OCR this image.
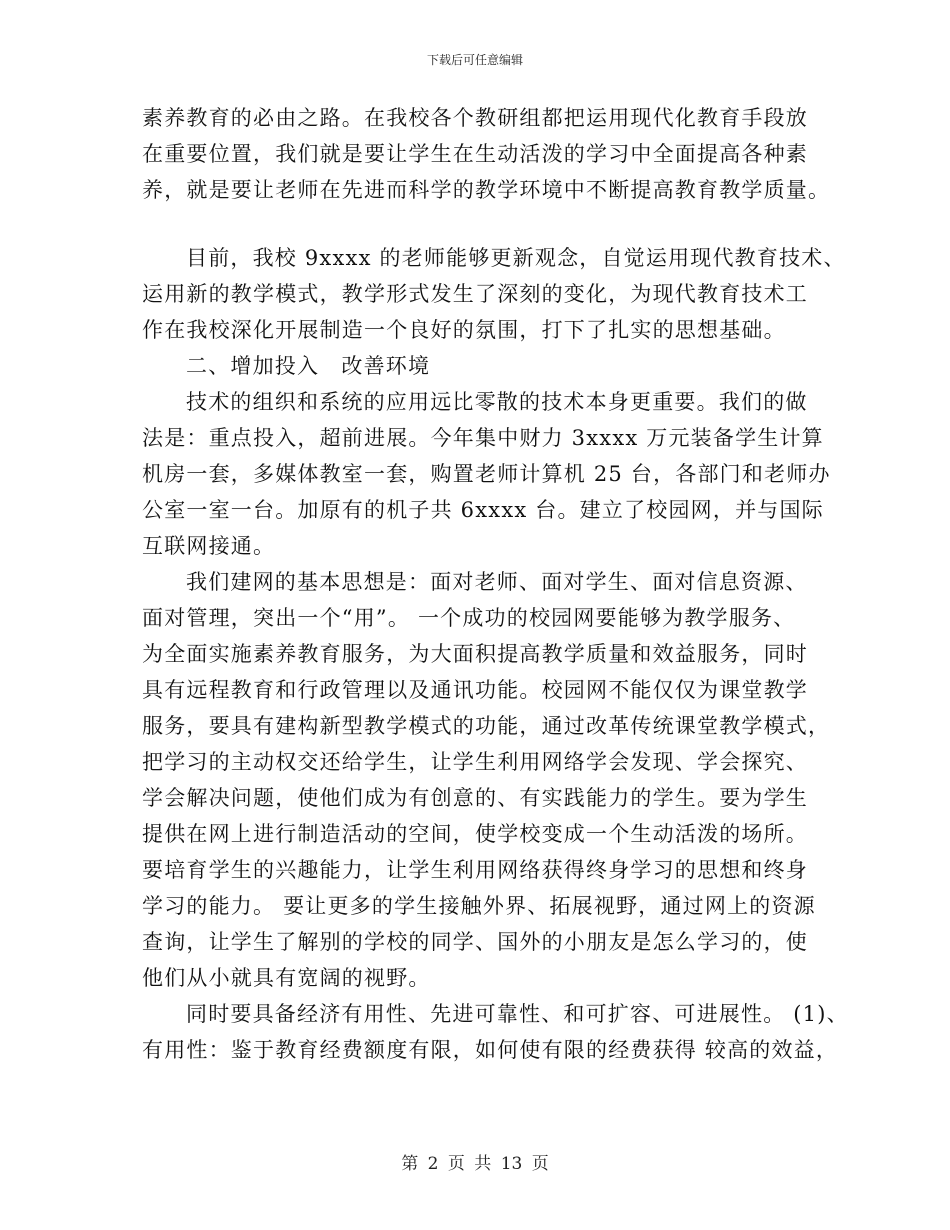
下载后可任意编辑
素养教育的必由之路。在我校各个教研组都把运用现代化教育手段放
在重要位置，我们就是要让学生在生动活泼的学习中全面提高各种素
养，就是要让老师在先进而科学的教学环境中不断提高教育教学质量。
目前，我校 9xxxx 的老师能够更新观念，自觉运用现代教育技术、
运用新的教学模式，教学形式发生了深刻的变化，为现代教育技术工
作在我校深化开展制造一个良好的氛围，打下了扎实的思想基础。
二、增加投入　改善环境
技术的组织和系统的应用远比零散的技术本身更重要。我们的做
法是：重点投入，超前进展。今年集中财力 3xxxx 万元装备学生计算
机房一套，多媒体教室一套，购置老师计算机 25 台，各部门和老师办
公室一室一台。加原有的机子共 6xxxx 台。建立了校园网，并与国际
互联网接通。
我们建网的基本思想是：面对老师、面对学生、面对信息资源、
面对管理，突出一个“用”。 一个成功的校园网要能够为教学服务、
为全面实施素养教育服务，为大面积提高教学质量和效益服务，同时
具有远程教育和行政管理以及通讯功能。校园网不能仅仅为课堂教学
服务，要具有建构新型教学模式的功能，通过改革传统课堂教学模式，
把学习的主动权交还给学生，让学生利用网络学会发现、学会探究、
学会解决问题，使他们成为有创意的、有实践能力的学生。要为学生
提供在网上进行制造活动的空间，使学校变成一个生动活泼的场所。
要培育学生的兴趣能力，让学生利用网络获得终身学习的思想和终身
学习的能力。 要让更多的学生接触外界、拓展视野，通过网上的资源
查询，让学生了解别的学校的同学、国外的小朋友是怎么学习的，使
他们从小就具有宽阔的视野。
同时要具备经济有用性、先进可靠性、和可扩容、可进展性。 (1)、
有用性：鉴于教育经费额度有限，如何使有限的经费获得 较高的效益，
第 2 页 共 13 页
